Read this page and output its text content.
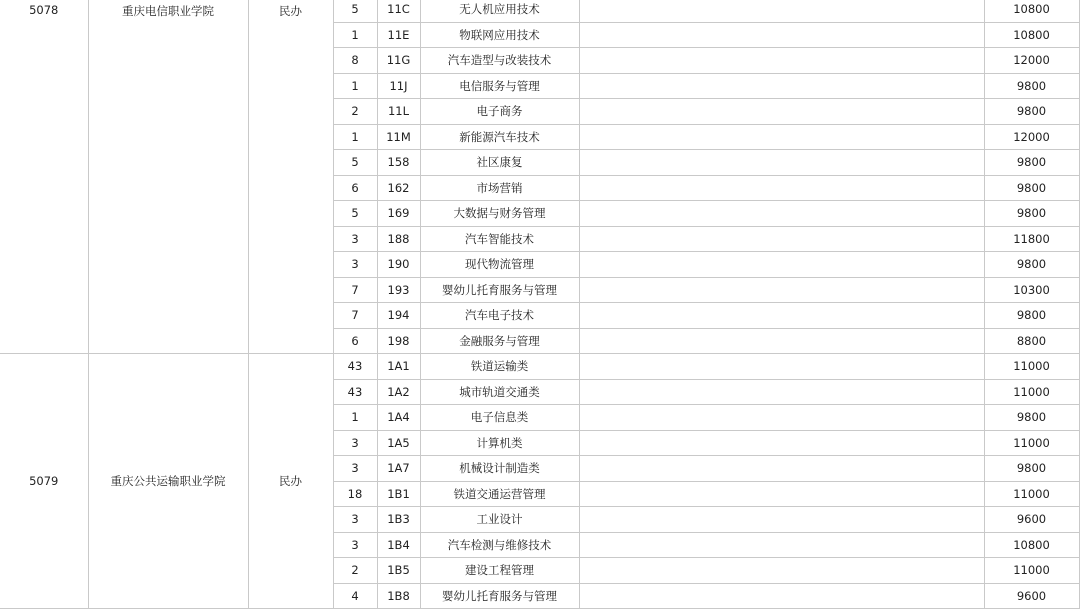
5078	重庆电信职业学院	民办	5	11C	无人机应用技术		10800
			1	11E	物联网应用技术		10800
			8	11G	汽车造型与改装技术		12000
			1	11J	电信服务与管理		9800
			2	11L	电子商务		9800
			1	11M	新能源汽车技术		12000
			5	158	社区康复		9800
			6	162	市场营销		9800
			5	169	大数据与财务管理		9800
			3	188	汽车智能技术		11800
			3	190	现代物流管理		9800
			7	193	婴幼儿托育服务与管理		10300
			7	194	汽车电子技术		9800
			6	198	金融服务与管理		8800
5079	重庆公共运输职业学院	民办	43	1A1	铁道运输类		11000
			43	1A2	城市轨道交通类		11000
			1	1A4	电子信息类		9800
			3	1A5	计算机类		11000
			3	1A7	机械设计制造类		9800
			18	1B1	铁道交通运营管理		11000
			3	1B3	工业设计		9600
			3	1B4	汽车检测与维修技术		10800
			2	1B5	建设工程管理		11000
			4	1B8	婴幼儿托育服务与管理		9600
